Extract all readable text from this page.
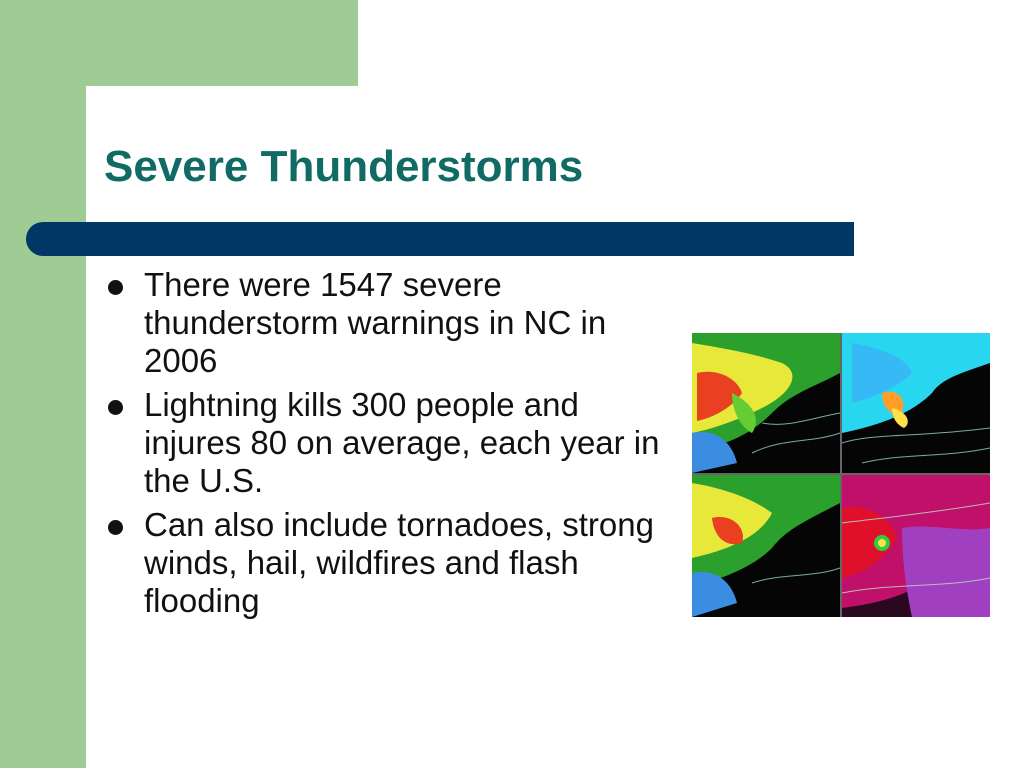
Severe Thunderstorms
There were 1547 severe thunderstorm warnings in NC in 2006
Lightning kills 300 people and injures 80 on average, each year in the U.S.
Can also include tornadoes, strong winds, hail, wildfires and flash flooding
